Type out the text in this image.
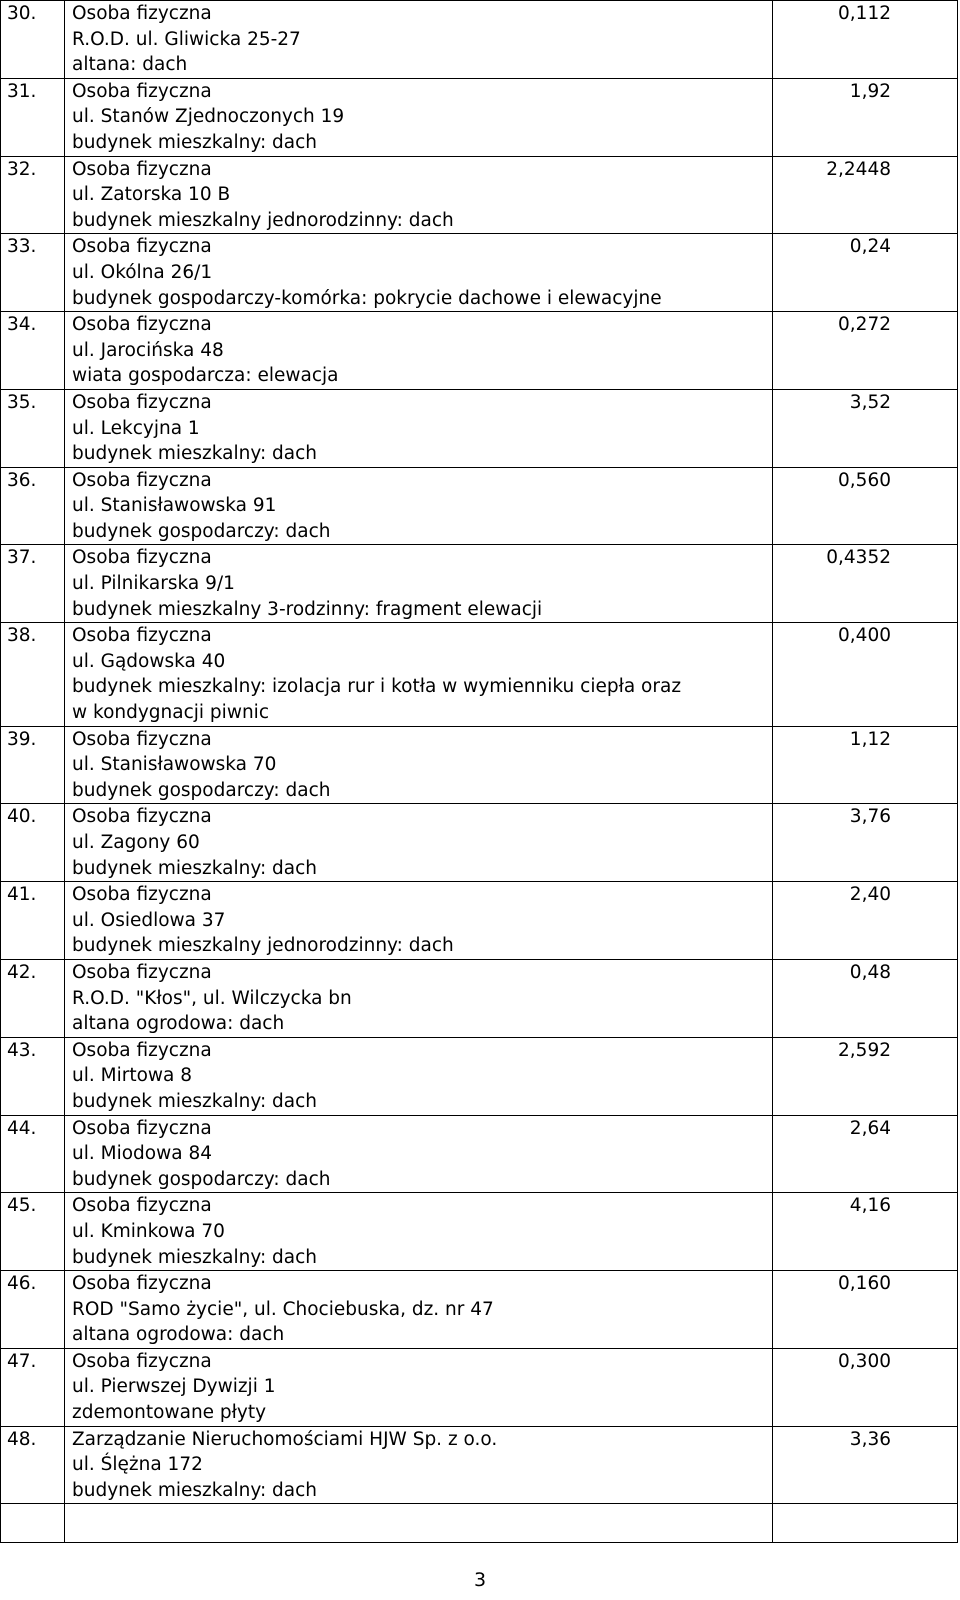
30.	Osoba fizyczna
R.O.D. ul. Gliwicka 25-27
altana: dach	0,112
31.	Osoba fizyczna
ul. Stanów Zjednoczonych 19
budynek mieszkalny: dach	1,92
32.	Osoba fizyczna
ul. Zatorska 10 B
budynek mieszkalny jednorodzinny: dach	2,2448
33.	Osoba fizyczna
ul. Okólna 26/1
budynek gospodarczy-komórka: pokrycie dachowe i elewacyjne	0,24
34.	Osoba fizyczna
ul. Jarocińska 48
wiata gospodarcza: elewacja	0,272
35.	Osoba fizyczna
ul. Lekcyjna 1
budynek mieszkalny: dach	3,52
36.	Osoba fizyczna
ul. Stanisławowska 91
budynek gospodarczy: dach	0,560
37.	Osoba fizyczna
ul. Pilnikarska 9/1
budynek mieszkalny 3-rodzinny: fragment elewacji	0,4352
38.	Osoba fizyczna
ul. Gądowska 40
budynek mieszkalny: izolacja rur i kotła w wymienniku ciepła oraz
w kondygnacji piwnic	0,400
39.	Osoba fizyczna
ul. Stanisławowska 70
budynek gospodarczy: dach	1,12
40.	Osoba fizyczna
ul. Zagony 60
budynek mieszkalny: dach	3,76
41.	Osoba fizyczna
ul. Osiedlowa 37
budynek mieszkalny jednorodzinny: dach	2,40
42.	Osoba fizyczna
R.O.D. "Kłos", ul. Wilczycka bn
altana ogrodowa: dach	0,48
43.	Osoba fizyczna
ul. Mirtowa 8
budynek mieszkalny: dach	2,592
44.	Osoba fizyczna
ul. Miodowa 84
budynek gospodarczy: dach	2,64
45.	Osoba fizyczna
ul. Kminkowa 70
budynek mieszkalny: dach	4,16
46.	Osoba fizyczna
ROD "Samo życie", ul. Chociebuska, dz. nr 47
altana ogrodowa: dach	0,160
47.	Osoba fizyczna
ul. Pierwszej Dywizji 1
zdemontowane płyty	0,300
48.	Zarządzanie Nieruchomościami HJW Sp. z o.o.
ul. Ślężna 172
budynek mieszkalny: dach	3,36

3
